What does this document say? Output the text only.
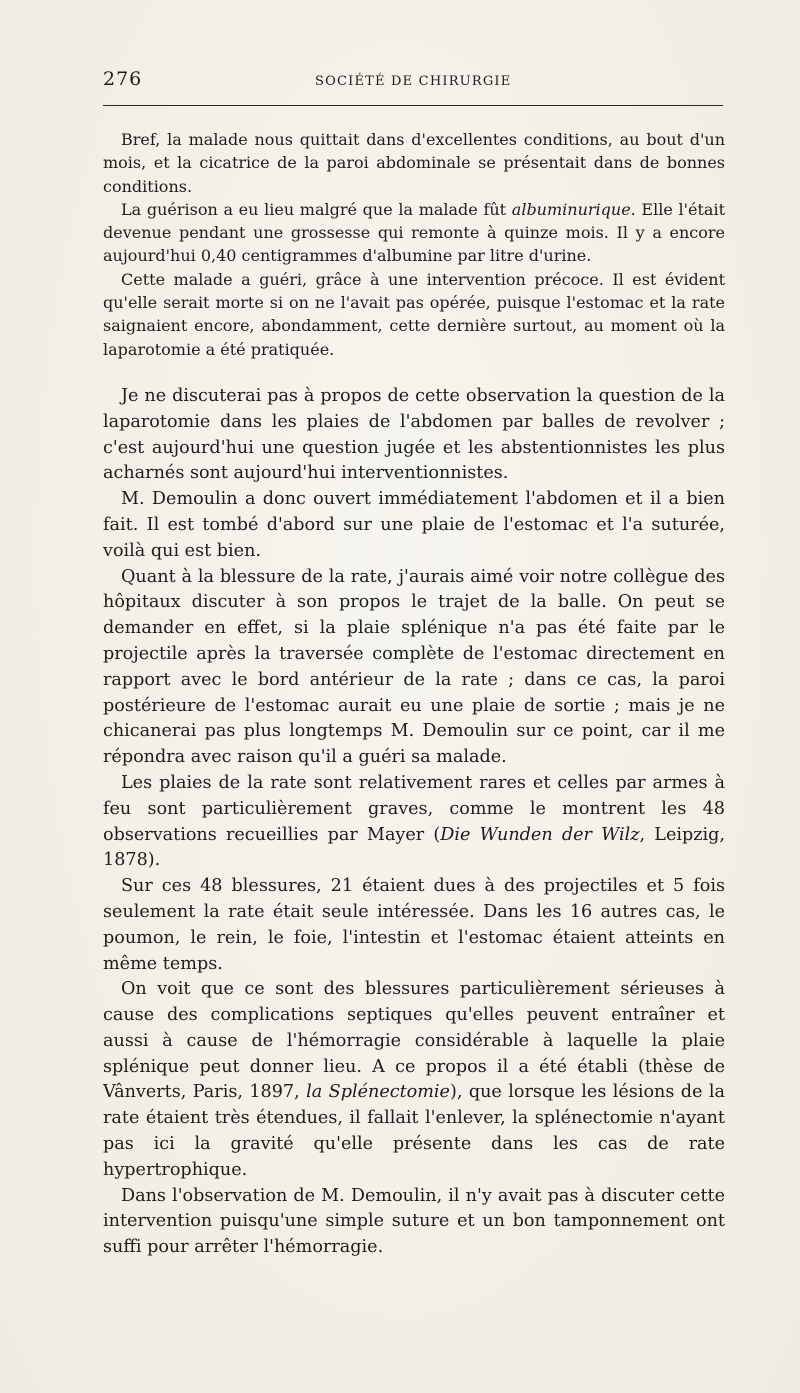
276	SOCIÉTÉ DE CHIRURGIE

Bref, la malade nous quittait dans d'excellentes conditions, au bout d'un mois, et la cicatrice de la paroi abdominale se présentait dans de bonnes conditions.

La guérison a eu lieu malgré que la malade fût albuminurique. Elle l'était devenue pendant une grossesse qui remonte à quinze mois. Il y a encore aujourd'hui 0,40 centigrammes d'albumine par litre d'urine.

Cette malade a guéri, grâce à une intervention précoce. Il est évident qu'elle serait morte si on ne l'avait pas opérée, puisque l'estomac et la rate saignaient encore, abondamment, cette dernière surtout, au moment où la laparotomie a été pratiquée.

Je ne discuterai pas à propos de cette observation la question de la laparotomie dans les plaies de l'abdomen par balles de revolver ; c'est aujourd'hui une question jugée et les abstentionnistes les plus acharnés sont aujourd'hui interventionnistes.

M. Demoulin a donc ouvert immédiatement l'abdomen et il a bien fait. Il est tombé d'abord sur une plaie de l'estomac et l'a suturée, voilà qui est bien.

Quant à la blessure de la rate, j'aurais aimé voir notre collègue des hôpitaux discuter à son propos le trajet de la balle. On peut se demander en effet, si la plaie splénique n'a pas été faite par le projectile après la traversée complète de l'estomac directement en rapport avec le bord antérieur de la rate ; dans ce cas, la paroi postérieure de l'estomac aurait eu une plaie de sortie ; mais je ne chicanerai pas plus longtemps M. Demoulin sur ce point, car il me répondra avec raison qu'il a guéri sa malade.

Les plaies de la rate sont relativement rares et celles par armes à feu sont particulièrement graves, comme le montrent les 48 observations recueillies par Mayer (Die Wunden der Wilz, Leipzig, 1878).

Sur ces 48 blessures, 21 étaient dues à des projectiles et 5 fois seulement la rate était seule intéressée. Dans les 16 autres cas, le poumon, le rein, le foie, l'intestin et l'estomac étaient atteints en même temps.

On voit que ce sont des blessures particulièrement sérieuses à cause des complications septiques qu'elles peuvent entraîner et aussi à cause de l'hémorragie considérable à laquelle la plaie splénique peut donner lieu. A ce propos il a été établi (thèse de Vânverts, Paris, 1897, la Splénectomie), que lorsque les lésions de la rate étaient très étendues, il fallait l'enlever, la splénectomie n'ayant pas ici la gravité qu'elle présente dans les cas de rate hypertrophique.

Dans l'observation de M. Demoulin, il n'y avait pas à discuter cette intervention puisqu'une simple suture et un bon tamponnement ont suffi pour arrêter l'hémorragie.
